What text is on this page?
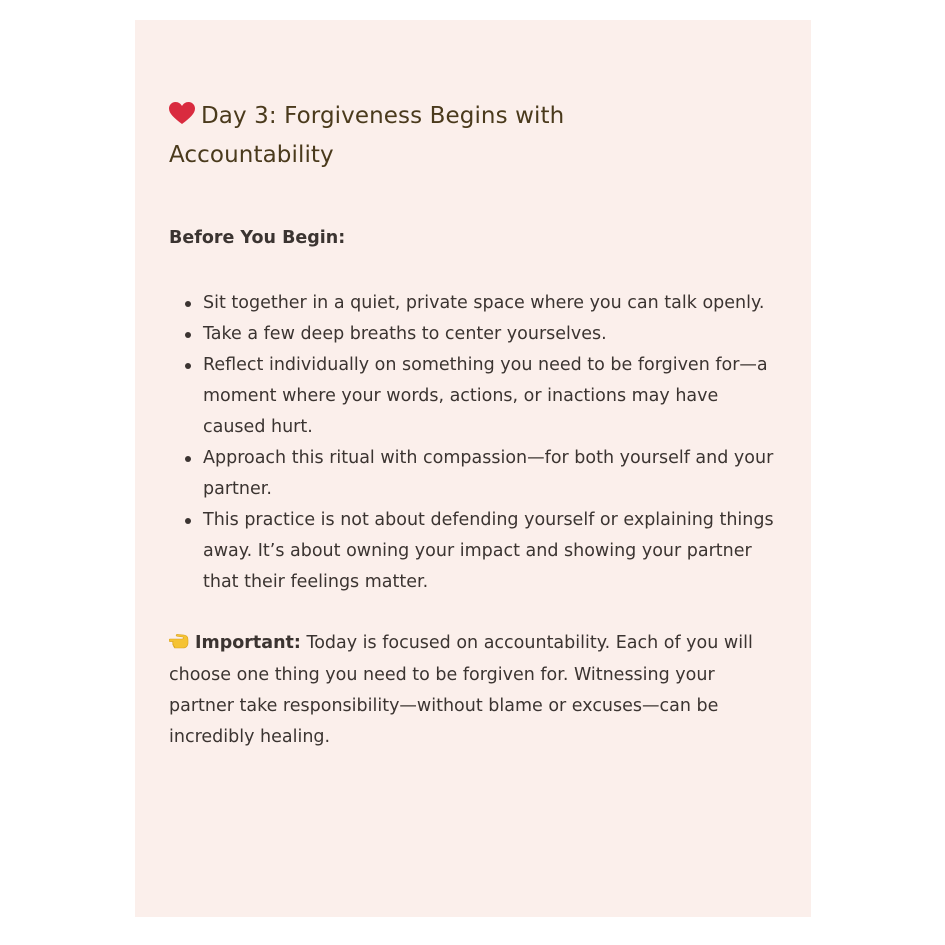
Day 3: Forgiveness Begins with Accountability

Before You Begin:

Sit together in a quiet, private space where you can talk openly.
Take a few deep breaths to center yourselves.
Reflect individually on something you need to be forgiven for—a moment where your words, actions, or inactions may have caused hurt.
Approach this ritual with compassion—for both yourself and your partner.
This practice is not about defending yourself or explaining things away. It’s about owning your impact and showing your partner that their feelings matter.

Important: Today is focused on accountability. Each of you will choose one thing you need to be forgiven for. Witnessing your partner take responsibility—without blame or excuses—can be incredibly healing.
